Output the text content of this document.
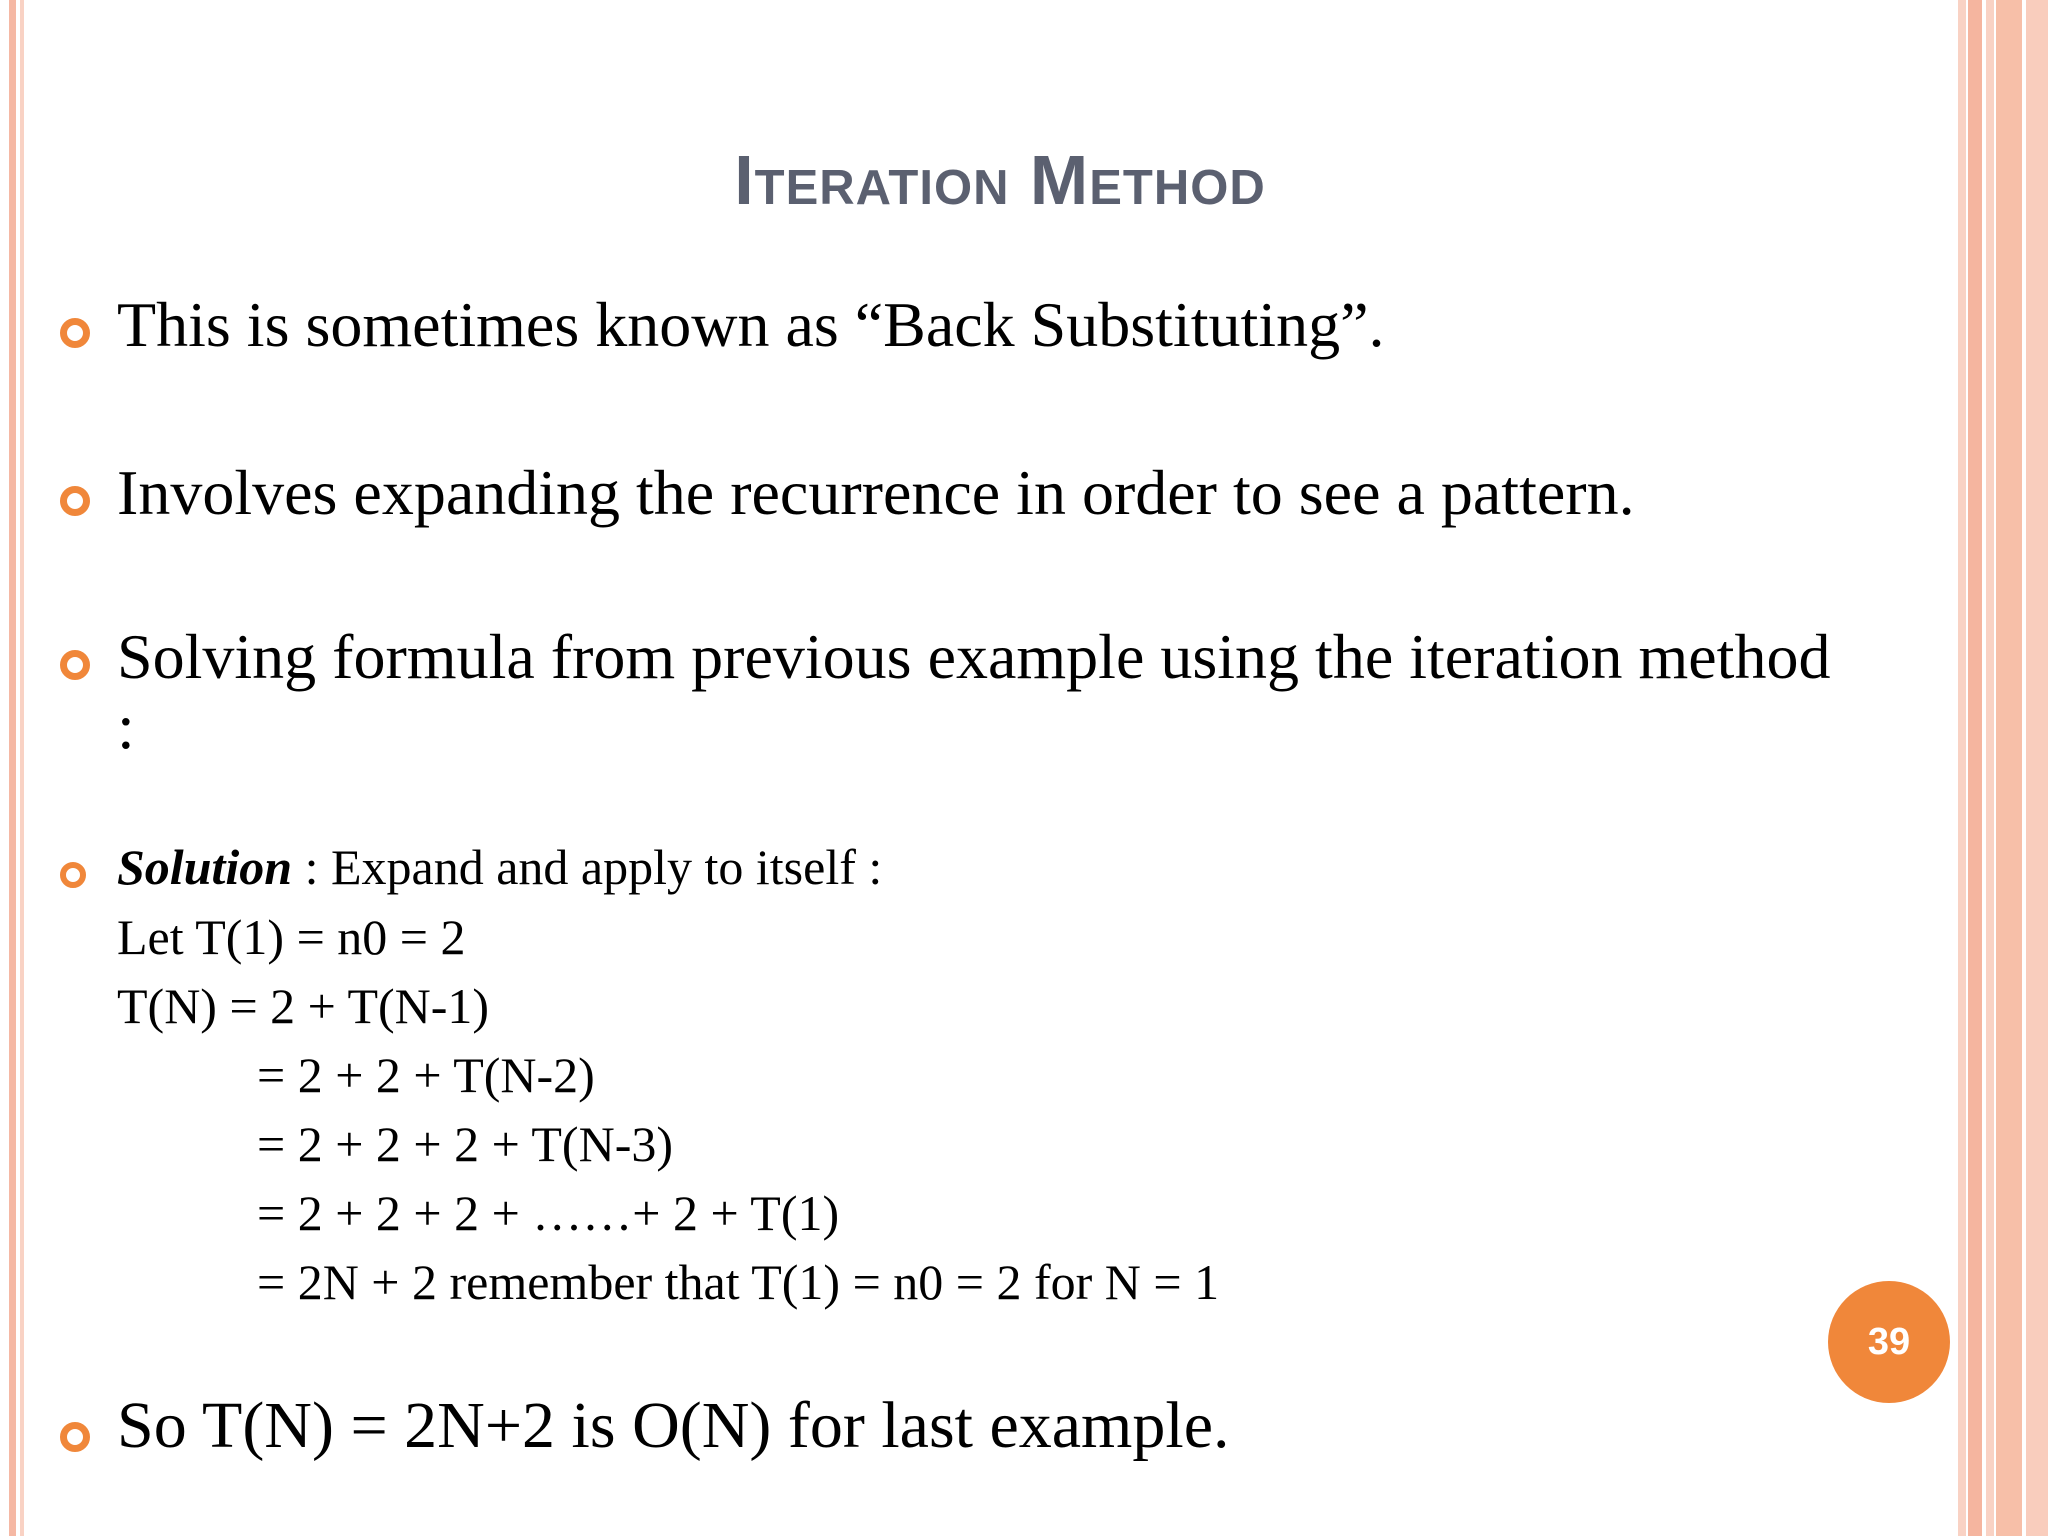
Iteration Method
This is sometimes known as “Back Substituting”.
Involves expanding the recurrence in order to see a pattern.
Solving formula from previous example using the iteration method
:
Solution : Expand and apply to itself :
Let T(1) = n0 = 2
T(N) = 2 + T(N-1)
= 2 + 2 + T(N-2)
= 2 + 2 + 2 + T(N-3)
= 2 + 2 + 2 + ……+ 2 + T(1)
= 2N + 2 remember that T(1) = n0 = 2 for N = 1
So T(N) = 2N+2 is O(N) for last example.
39
